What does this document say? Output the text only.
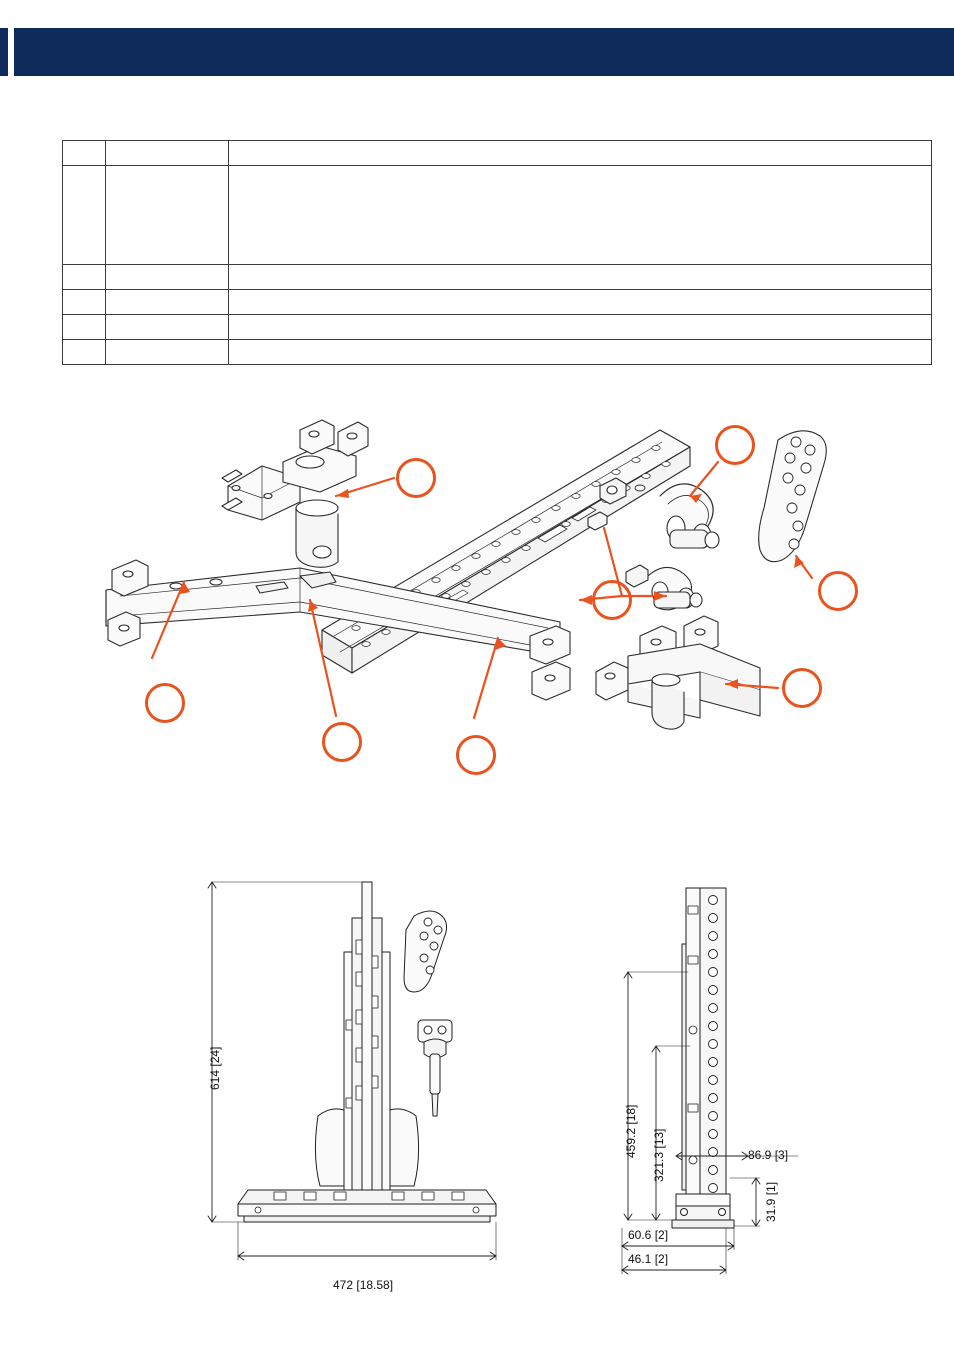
614 [24]
472 [18.58]
459.2 [18] 321.3 [13]	86.9 [3]
31.9 [1]
60.6 [2]
46.1 [2]
